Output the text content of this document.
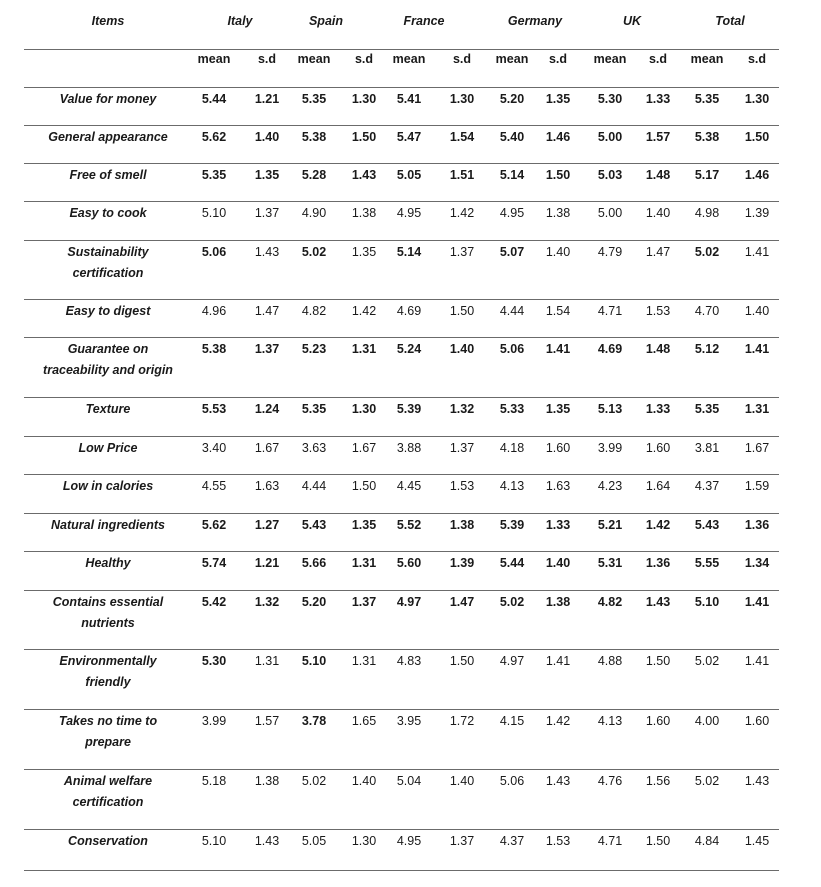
Items	Italy	Spain	France	Germany	UK	Total
mean	s.d	mean	s.d	mean	s.d	mean	s.d	mean	s.d	mean	s.d
Value for money	5.44	1.21	5.35	1.30	5.41	1.30	5.20	1.35	5.30	1.33	5.35	1.30
General appearance	5.62	1.40	5.38	1.50	5.47	1.54	5.40	1.46	5.00	1.57	5.38	1.50
Free of smell	5.35	1.35	5.28	1.43	5.05	1.51	5.14	1.50	5.03	1.48	5.17	1.46
Easy to cook	5.10	1.37	4.90	1.38	4.95	1.42	4.95	1.38	5.00	1.40	4.98	1.39
Sustainability
certification
5.06	1.43	5.02	1.35	5.14	1.37	5.07	1.40	4.79	1.47	5.02	1.41
Easy to digest	4.96	1.47	4.82	1.42	4.69	1.50	4.44	1.54	4.71	1.53	4.70	1.40
Guarantee on
traceability and origin
5.38	1.37	5.23	1.31	5.24	1.40	5.06	1.41	4.69	1.48	5.12	1.41
Texture	5.53	1.24	5.35	1.30	5.39	1.32	5.33	1.35	5.13	1.33	5.35	1.31
Low Price	3.40	1.67	3.63	1.67	3.88	1.37	4.18	1.60	3.99	1.60	3.81	1.67
Low in calories	4.55	1.63	4.44	1.50	4.45	1.53	4.13	1.63	4.23	1.64	4.37	1.59
Natural ingredients	5.62	1.27	5.43	1.35	5.52	1.38	5.39	1.33	5.21	1.42	5.43	1.36
Healthy	5.74	1.21	5.66	1.31	5.60	1.39	5.44	1.40	5.31	1.36	5.55	1.34
Contains essential
nutrients
5.42	1.32	5.20	1.37	4.97	1.47	5.02	1.38	4.82	1.43	5.10	1.41
Environmentally
friendly
5.30	1.31	5.10	1.31	4.83	1.50	4.97	1.41	4.88	1.50	5.02	1.41
Takes no time to
prepare
3.99	1.57	3.78	1.65	3.95	1.72	4.15	1.42	4.13	1.60	4.00	1.60
Animal welfare
certification
5.18	1.38	5.02	1.40	5.04	1.40	5.06	1.43	4.76	1.56	5.02	1.43
Conservation	5.10	1.43	5.05	1.30	4.95	1.37	4.37	1.53	4.71	1.50	4.84	1.45
